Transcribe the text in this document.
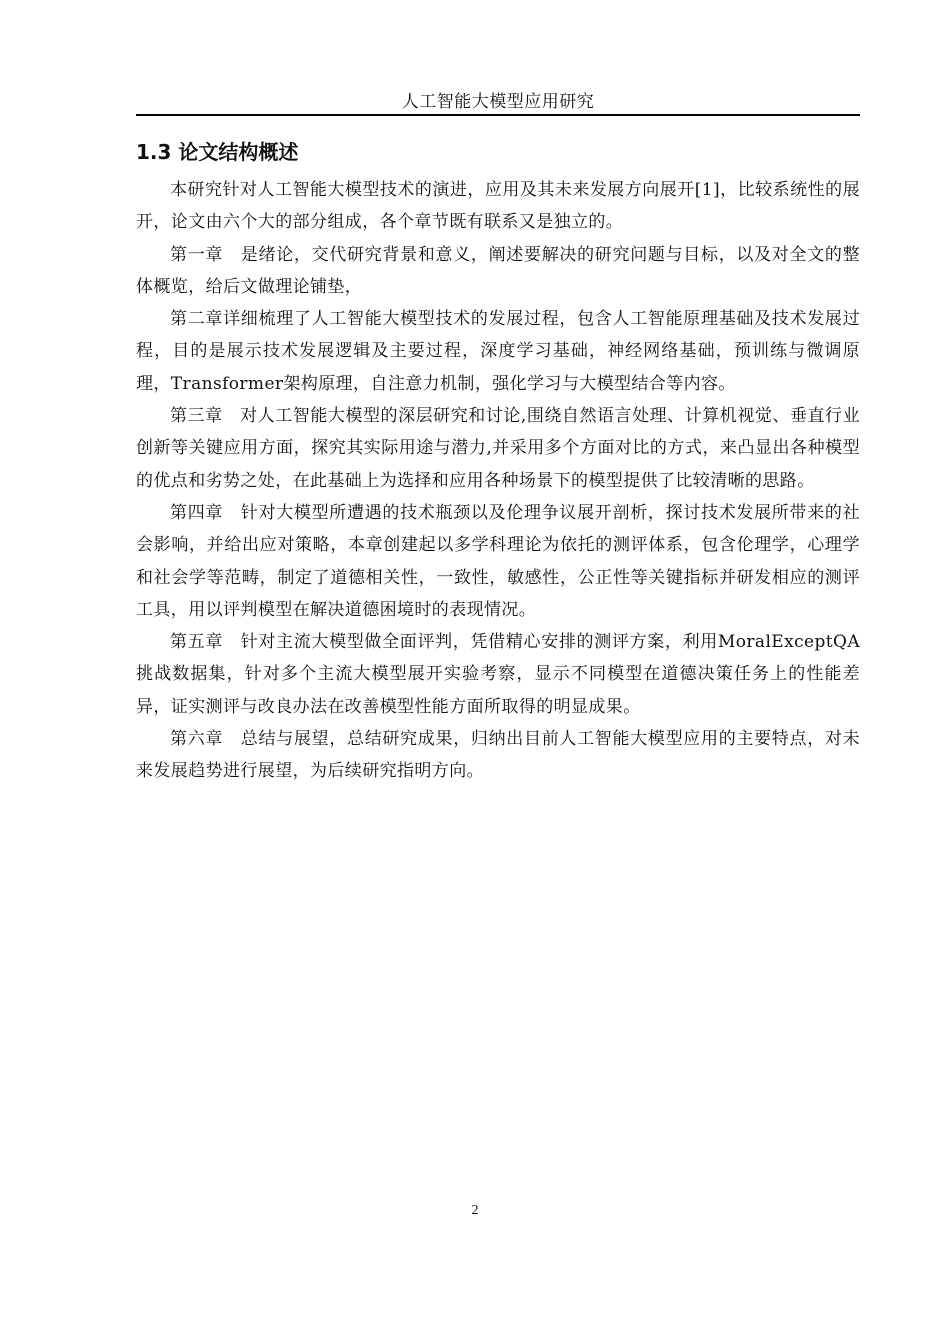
人工智能大模型应用研究
1.3 论文结构概述

本研究针对人工智能大模型技术的演进，应用及其未来发展方向展开[1]，比较系统性的展开，论文由六个大的部分组成，各个章节既有联系又是独立的。

第一章　是绪论，交代研究背景和意义，阐述要解决的研究问题与目标，以及对全文的整体概览，给后文做理论铺垫，

第二章详细梳理了人工智能大模型技术的发展过程，包含人工智能原理基础及技术发展过程，目的是展示技术发展逻辑及主要过程，深度学习基础，神经网络基础，预训练与微调原理，Transformer架构原理，自注意力机制，强化学习与大模型结合等内容。

第三章　对人工智能大模型的深层研究和讨论,围绕自然语言处理、计算机视觉、垂直行业创新等关键应用方面，探究其实际用途与潜力,并采用多个方面对比的方式，来凸显出各种模型的优点和劣势之处，在此基础上为选择和应用各种场景下的模型提供了比较清晰的思路。

第四章　针对大模型所遭遇的技术瓶颈以及伦理争议展开剖析，探讨技术发展所带来的社会影响，并给出应对策略，本章创建起以多学科理论为依托的测评体系，包含伦理学，心理学和社会学等范畴，制定了道德相关性，一致性，敏感性，公正性等关键指标并研发相应的测评工具，用以评判模型在解决道德困境时的表现情况。

第五章　针对主流大模型做全面评判，凭借精心安排的测评方案，利用MoralExceptQA挑战数据集，针对多个主流大模型展开实验考察，显示不同模型在道德决策任务上的性能差异，证实测评与改良办法在改善模型性能方面所取得的明显成果。

第六章　总结与展望，总结研究成果，归纳出目前人工智能大模型应用的主要特点，对未来发展趋势进行展望，为后续研究指明方向。

2
